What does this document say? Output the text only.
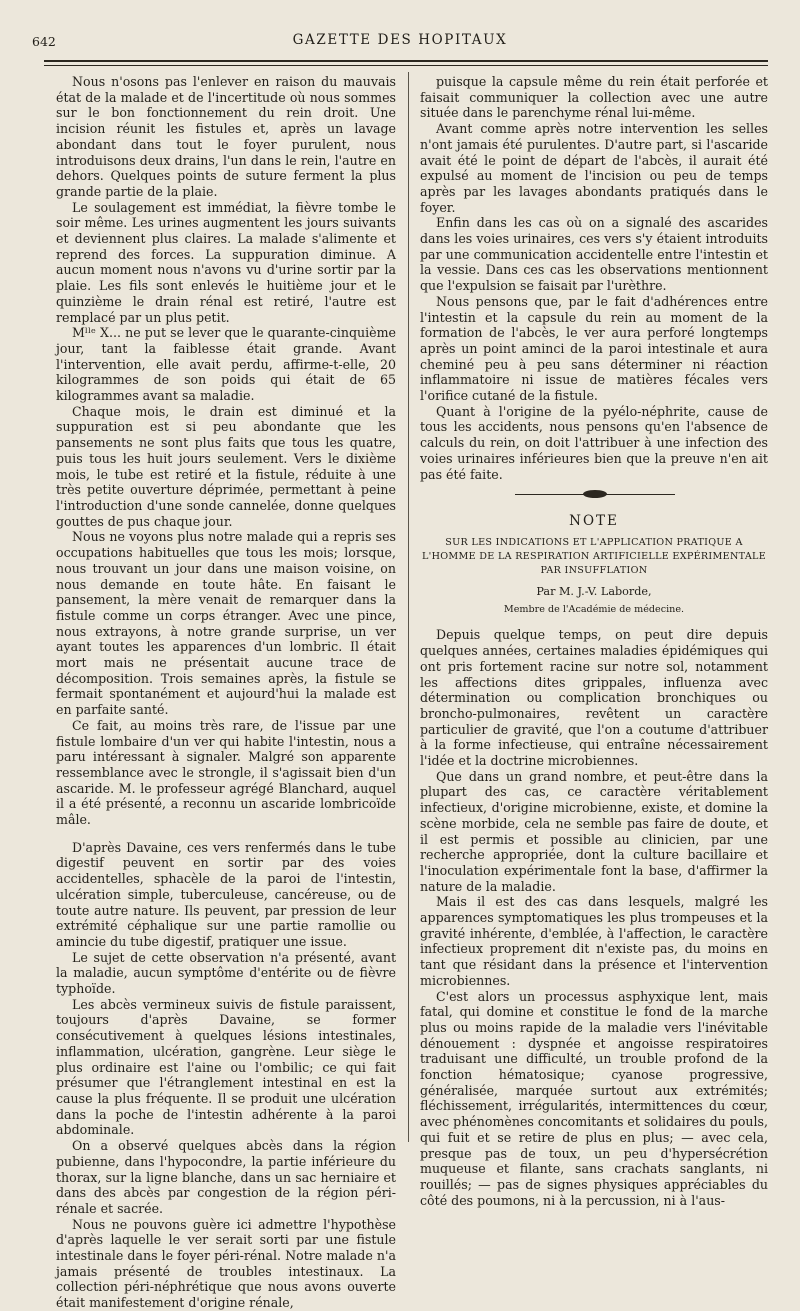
642	GAZETTE DES HOPITAUX

Nous n'osons pas l'enlever en raison du mauvais état de la malade et de l'incertitude où nous sommes sur le bon fonctionnement du rein droit. Une incision réunit les fistules et, après un lavage abondant dans tout le foyer purulent, nous introduisons deux drains, l'un dans le rein, l'autre en dehors. Quelques points de suture ferment la plus grande partie de la plaie.

Le soulagement est immédiat, la fièvre tombe le soir même. Les urines augmentent les jours suivants et deviennent plus claires. La malade s'alimente et reprend des forces. La suppuration diminue. A aucun moment nous n'avons vu d'urine sortir par la plaie. Les fils sont enlevés le huitième jour et le quinzième le drain rénal est retiré, l'autre est remplacé par un plus petit.

Mˡˡᵉ X... ne put se lever que le quarante-cinquième jour, tant la faiblesse était grande. Avant l'intervention, elle avait perdu, affirme-t-elle, 20 kilogrammes de son poids qui était de 65 kilogrammes avant sa maladie.

Chaque mois, le drain est diminué et la suppuration est si peu abondante que les pansements ne sont plus faits que tous les quatre, puis tous les huit jours seulement. Vers le dixième mois, le tube est retiré et la fistule, réduite à une très petite ouverture déprimée, permettant à peine l'introduction d'une sonde cannelée, donne quelques gouttes de pus chaque jour.

Nous ne voyons plus notre malade qui a repris ses occupations habituelles que tous les mois; lorsque, nous trouvant un jour dans une maison voisine, on nous demande en toute hâte. En faisant le pansement, la mère venait de remarquer dans la fistule comme un corps étranger. Avec une pince, nous extrayons, à notre grande surprise, un ver ayant toutes les apparences d'un lombric. Il était mort mais ne présentait aucune trace de décomposition. Trois semaines après, la fistule se fermait spontanément et aujourd'hui la malade est en parfaite santé.

Ce fait, au moins très rare, de l'issue par une fistule lombaire d'un ver qui habite l'intestin, nous a paru intéressant à signaler. Malgré son apparente ressemblance avec le strongle, il s'agissait bien d'un ascaride. M. le professeur agrégé Blanchard, auquel il a été présenté, a reconnu un ascaride lombricoïde mâle.

D'après Davaine, ces vers renfermés dans le tube digestif peuvent en sortir par des voies accidentelles, sphacèle de la paroi de l'intestin, ulcération simple, tuberculeuse, cancéreuse, ou de toute autre nature. Ils peuvent, par pression de leur extrémité céphalique sur une partie ramollie ou amincie du tube digestif, pratiquer une issue.

Le sujet de cette observation n'a présenté, avant la maladie, aucun symptôme d'entérite ou de fièvre typhoïde.

Les abcès vermineux suivis de fistule paraissent, toujours d'après Davaine, se former consécutivement à quelques lésions intestinales, inflammation, ulcération, gangrène. Leur siège le plus ordinaire est l'aine ou l'ombilic; ce qui fait présumer que l'étranglement intestinal en est la cause la plus fréquente. Il se produit une ulcération dans la poche de l'intestin adhérente à la paroi abdominale.

On a observé quelques abcès dans la région pubienne, dans l'hypocondre, la partie inférieure du thorax, sur la ligne blanche, dans un sac herniaire et dans des abcès par congestion de la région péri-rénale et sacrée.

Nous ne pouvons guère ici admettre l'hypothèse d'après laquelle le ver serait sorti par une fistule intestinale dans le foyer péri-rénal. Notre malade n'a jamais présenté de troubles intestinaux. La collection péri-néphrétique que nous avons ouverte était manifestement d'origine rénale,

puisque la capsule même du rein était perforée et faisait communiquer la collection avec une autre située dans le parenchyme rénal lui-même.

Avant comme après notre intervention les selles n'ont jamais été purulentes. D'autre part, si l'ascaride avait été le point de départ de l'abcès, il aurait été expulsé au moment de l'incision ou peu de temps après par les lavages abondants pratiqués dans le foyer.

Enfin dans les cas où on a signalé des ascarides dans les voies urinaires, ces vers s'y étaient introduits par une communication accidentelle entre l'intestin et la vessie. Dans ces cas les observations mentionnent que l'expulsion se faisait par l'urèthre.

Nous pensons que, par le fait d'adhérences entre l'intestin et la capsule du rein au moment de la formation de l'abcès, le ver aura perforé longtemps après un point aminci de la paroi intestinale et aura cheminé peu à peu sans déterminer ni réaction inflammatoire ni issue de matières fécales vers l'orifice cutané de la fistule.

Quant à l'origine de la pyélo-néphrite, cause de tous les accidents, nous pensons qu'en l'absence de calculs du rein, on doit l'attribuer à une infection des voies urinaires inférieures bien que la preuve n'en ait pas été faite.

NOTE
SUR LES INDICATIONS ET L'APPLICATION PRATIQUE A L'HOMME DE LA RESPIRATION ARTIFICIELLE EXPÉRIMENTALE PAR INSUFFLATION
Par M. J.-V. Laborde,
Membre de l'Académie de médecine.

Depuis quelque temps, on peut dire depuis quelques années, certaines maladies épidémiques qui ont pris fortement racine sur notre sol, notamment les affections dites grippales, influenza avec détermination ou complication bronchiques ou broncho-pulmonaires, revêtent un caractère particulier de gravité, que l'on a coutume d'attribuer à la forme infectieuse, qui entraîne nécessairement l'idée et la doctrine microbiennes.

Que dans un grand nombre, et peut-être dans la plupart des cas, ce caractère véritablement infectieux, d'origine microbienne, existe, et domine la scène morbide, cela ne semble pas faire de doute, et il est permis et possible au clinicien, par une recherche appropriée, dont la culture bacillaire et l'inoculation expérimentale font la base, d'affirmer la nature de la maladie.

Mais il est des cas dans lesquels, malgré les apparences symptomatiques les plus trompeuses et la gravité inhérente, d'emblée, à l'affection, le caractère infectieux proprement dit n'existe pas, du moins en tant que résidant dans la présence et l'intervention microbiennes.

C'est alors un processus asphyxique lent, mais fatal, qui domine et constitue le fond de la marche plus ou moins rapide de la maladie vers l'inévitable dénouement : dyspnée et angoisse respiratoires traduisant une difficulté, un trouble profond de la fonction hématosique; cyanose progressive, généralisée, marquée surtout aux extrémités; fléchissement, irrégularités, intermittences du cœur, avec phénomènes concomitants et solidaires du pouls, qui fuit et se retire de plus en plus; — avec cela, presque pas de toux, un peu d'hypersécrétion muqueuse et filante, sans crachats sanglants, ni rouillés; — pas de signes physiques appréciables du côté des poumons, ni à la percussion, ni à l'aus-
